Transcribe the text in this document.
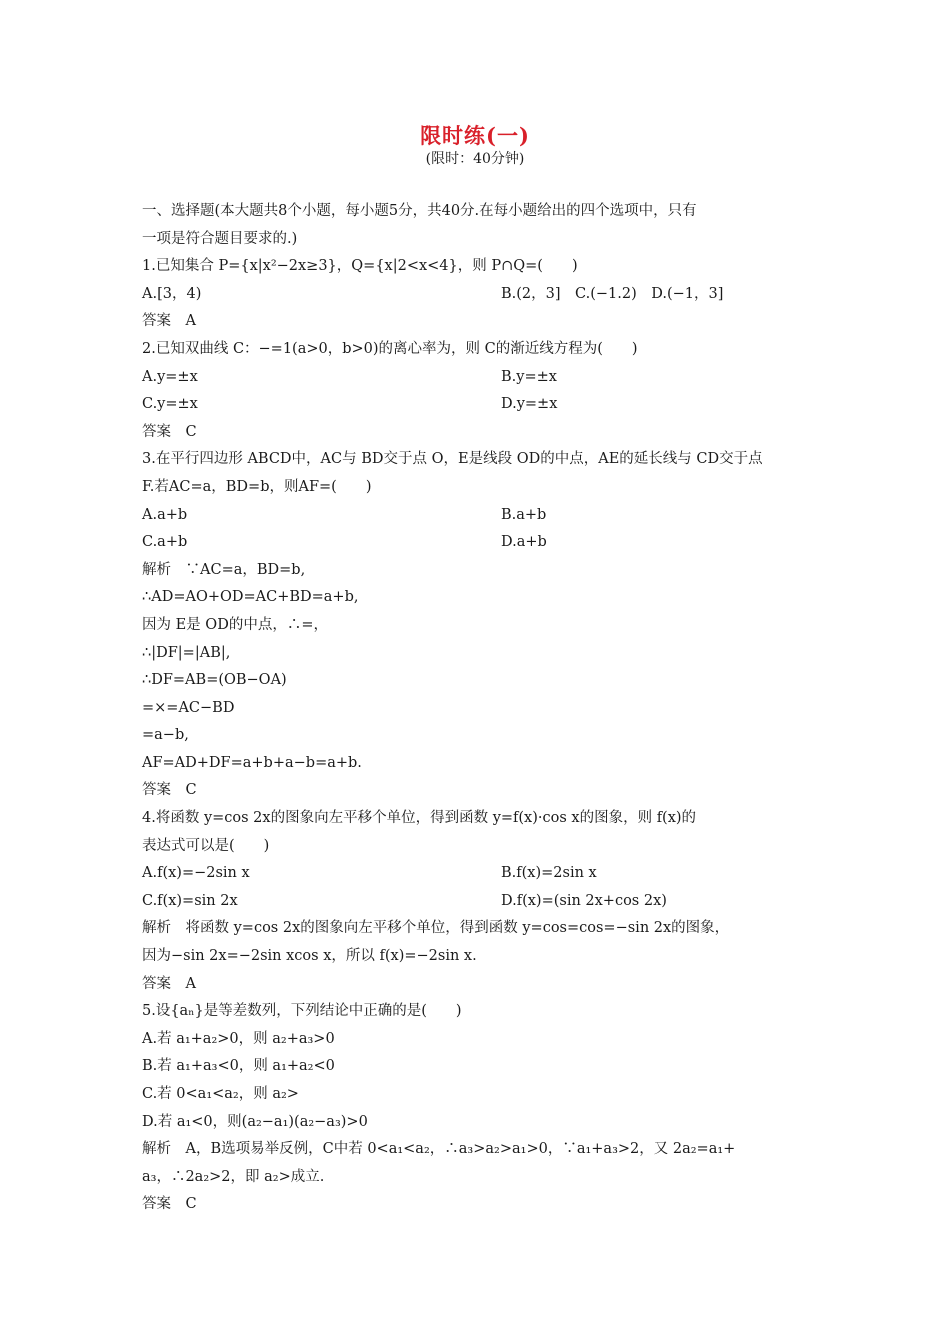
限时练(一)
(限时：40分钟)
一、选择题(本大题共8个小题，每小题5分，共40分.在每小题给出的四个选项中，只有
一项是符合题目要求的.)
1.已知集合 P={x|x²−2x≥3}，Q={x|2<x<4}，则 P∩Q=(　　)
A.[3，4)	B.(2，3]　C.(−1.2)　D.(−1，3]
答案　A
2.已知双曲线 C：−=1(a>0，b>0)的离心率为，则 C的渐近线方程为(　　)
A.y=±x	B.y=±x
C.y=±x	D.y=±x
答案　C
3.在平行四边形 ABCD中，AC与 BD交于点 O，E是线段 OD的中点，AE的延长线与 CD交于点
F.若AC=a，BD=b，则AF=(　　)
A.a+b	B.a+b
C.a+b	D.a+b
解析　∵AC=a，BD=b,
∴AD=AO+OD=AC+BD=a+b,
因为 E是 OD的中点，∴=，
∴|DF|=|AB|,
∴DF=AB=(OB−OA)
=×=AC−BD
=a−b,
AF=AD+DF=a+b+a−b=a+b.
答案　C
4.将函数 y=cos 2x的图象向左平移个单位，得到函数 y=f(x)·cos x的图象，则 f(x)的
表达式可以是(　　)
A.f(x)=−2sin x	B.f(x)=2sin x
C.f(x)=sin 2x	D.f(x)=(sin 2x+cos 2x)
解析　将函数 y=cos 2x的图象向左平移个单位，得到函数 y=cos=cos=−sin 2x的图象，
因为−sin 2x=−2sin xcos x，所以 f(x)=−2sin x.
答案　A
5.设{aₙ}是等差数列，下列结论中正确的是(　　)
A.若 a₁+a₂>0，则 a₂+a₃>0
B.若 a₁+a₃<0，则 a₁+a₂<0
C.若 0<a₁<a₂，则 a₂>
D.若 a₁<0，则(a₂−a₁)(a₂−a₃)>0
解析　A，B选项易举反例，C中若 0<a₁<a₂，∴a₃>a₂>a₁>0，∵a₁+a₃>2，又 2a₂=a₁+
a₃，∴2a₂>2，即 a₂>成立.
答案　C
